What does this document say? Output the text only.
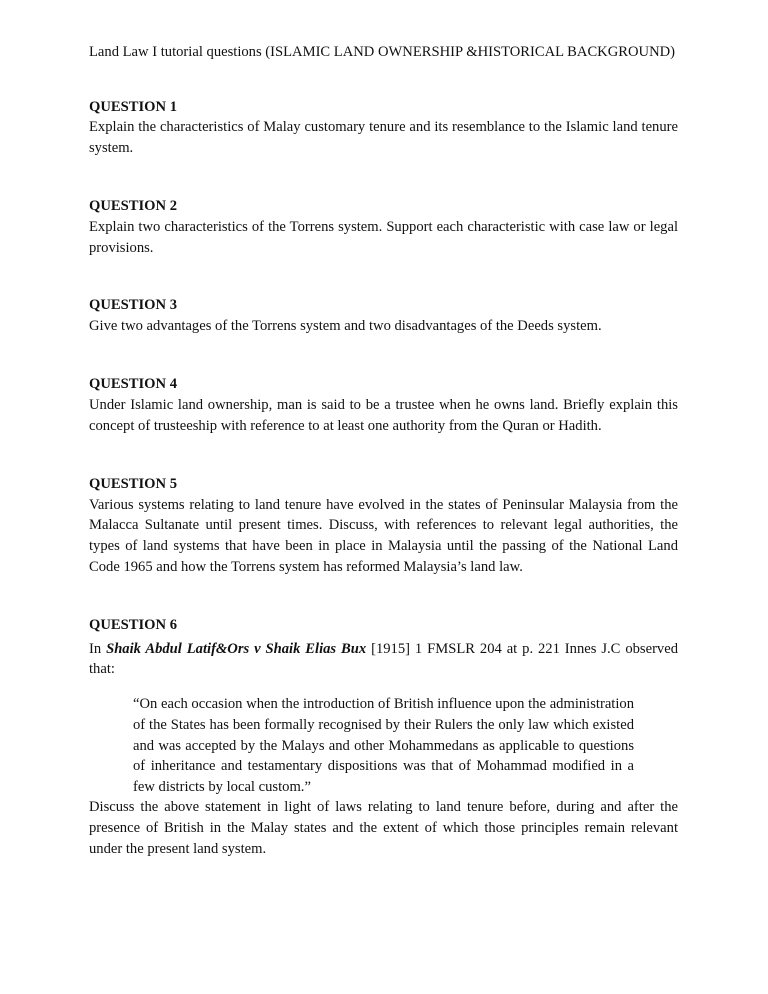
Land Law I tutorial questions (ISLAMIC LAND OWNERSHIP &HISTORICAL BACKGROUND)

QUESTION 1

Explain the characteristics of Malay customary tenure and its resemblance to the Islamic land tenure system.

QUESTION 2

Explain two characteristics of the Torrens system. Support each characteristic with case law or legal provisions.

QUESTION 3

Give two advantages of the Torrens system and two disadvantages of the Deeds system.

QUESTION 4

Under Islamic land ownership, man is said to be a trustee when he owns land. Briefly explain this concept of trusteeship with reference to at least one authority from the Quran or Hadith.

QUESTION 5

Various systems relating to land tenure have evolved in the states of Peninsular Malaysia from the Malacca Sultanate until present times. Discuss, with references to relevant legal authorities, the types of land systems that have been in place in Malaysia until the passing of the National Land Code 1965 and how the Torrens system has reformed Malaysia’s land law.

QUESTION 6

In Shaik Abdul Latif&Ors v Shaik Elias Bux [1915] 1 FMSLR 204 at p. 221 Innes J.C observed that:

“On each occasion when the introduction of British influence upon the administration of the States has been formally recognised by their Rulers the only law which existed and was accepted by the Malays and other Mohammedans as applicable to questions of inheritance and testamentary dispositions was that of Mohammad modified in a few districts by local custom.”

Discuss the above statement in light of laws relating to land tenure before, during and after the presence of British in the Malay states and the extent of which those principles remain relevant under the present land system.
